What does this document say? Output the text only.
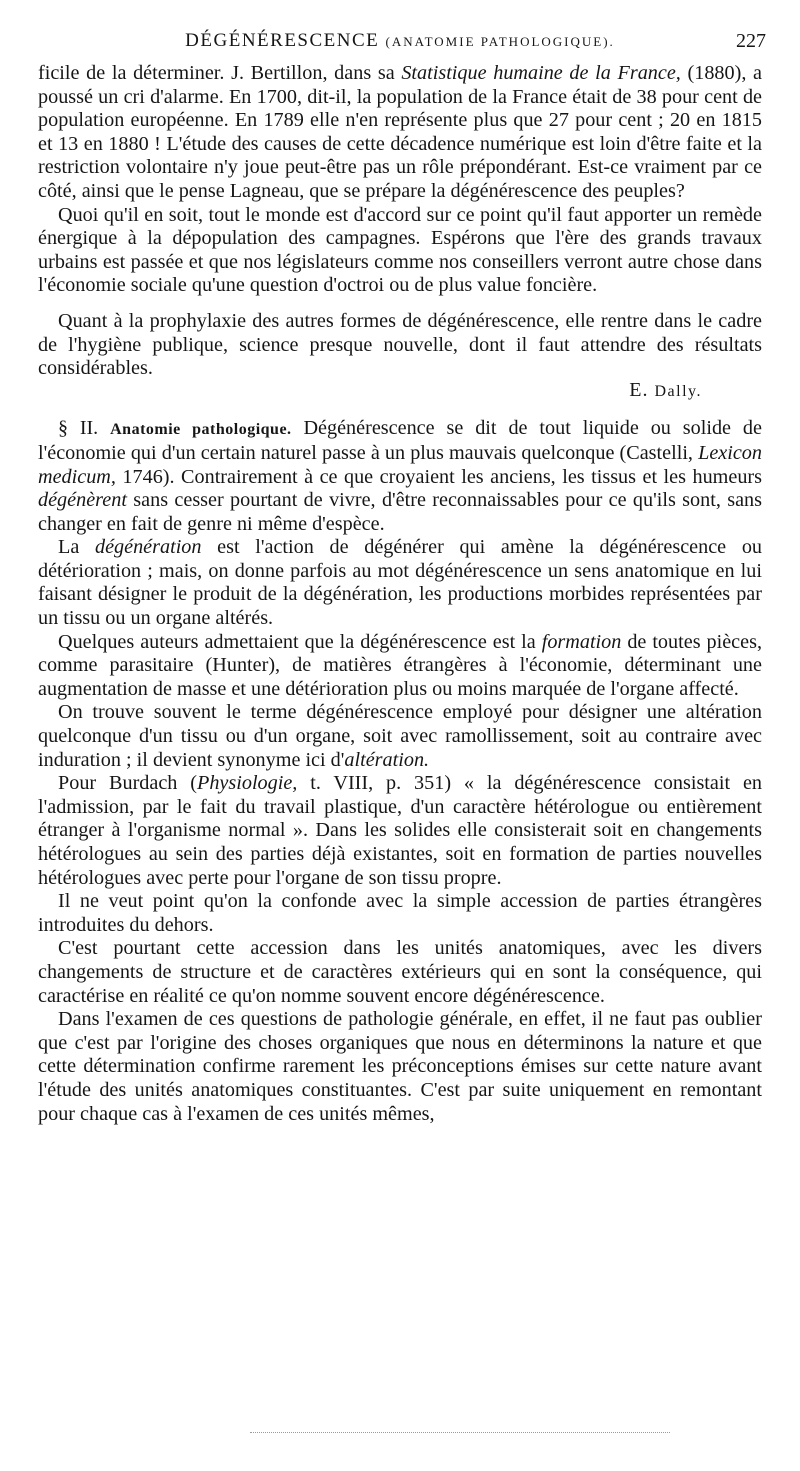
DÉGÉNÉRESCENCE (ANATOMIE PATHOLOGIQUE).	227

ficile de la déterminer. J. Bertillon, dans sa Statistique humaine de la France, (1880), a poussé un cri d'alarme. En 1700, dit-il, la population de la France était de 38 pour cent de population européenne. En 1789 elle n'en représente plus que 27 pour cent ; 20 en 1815 et 13 en 1880 ! L'étude des causes de cette décadence numérique est loin d'être faite et la restriction volontaire n'y joue peut-être pas un rôle prépondérant. Est-ce vraiment par ce côté, ainsi que le pense Lagneau, que se prépare la dégénérescence des peuples?

Quoi qu'il en soit, tout le monde est d'accord sur ce point qu'il faut apporter un remède énergique à la dépopulation des campagnes. Espérons que l'ère des grands travaux urbains est passée et que nos législateurs comme nos conseillers verront autre chose dans l'économie sociale qu'une question d'octroi ou de plus value foncière.

Quant à la prophylaxie des autres formes de dégénérescence, elle rentre dans le cadre de l'hygiène publique, science presque nouvelle, dont il faut attendre des résultats considérables.

E. Dally.

§ II. Anatomie pathologique. Dégénérescence se dit de tout liquide ou solide de l'économie qui d'un certain naturel passe à un plus mauvais quelconque (Castelli, Lexicon medicum, 1746). Contrairement à ce que croyaient les anciens, les tissus et les humeurs dégénèrent sans cesser pourtant de vivre, d'être reconnaissables pour ce qu'ils sont, sans changer en fait de genre ni même d'espèce.

La dégénération est l'action de dégénérer qui amène la dégénérescence ou détérioration ; mais, on donne parfois au mot dégénérescence un sens anatomique en lui faisant désigner le produit de la dégénération, les productions morbides représentées par un tissu ou un organe altérés.

Quelques auteurs admettaient que la dégénérescence est la formation de toutes pièces, comme parasitaire (Hunter), de matières étrangères à l'économie, déterminant une augmentation de masse et une détérioration plus ou moins marquée de l'organe affecté.

On trouve souvent le terme dégénérescence employé pour désigner une altération quelconque d'un tissu ou d'un organe, soit avec ramollissement, soit au contraire avec induration ; il devient synonyme ici d'altération.

Pour Burdach (Physiologie, t. VIII, p. 351) « la dégénérescence consistait en l'admission, par le fait du travail plastique, d'un caractère hétérologue ou entièrement étranger à l'organisme normal ». Dans les solides elle consisterait soit en changements hétérologues au sein des parties déjà existantes, soit en formation de parties nouvelles hétérologues avec perte pour l'organe de son tissu propre.

Il ne veut point qu'on la confonde avec la simple accession de parties étrangères introduites du dehors.

C'est pourtant cette accession dans les unités anatomiques, avec les divers changements de structure et de caractères extérieurs qui en sont la conséquence, qui caractérise en réalité ce qu'on nomme souvent encore dégénérescence.

Dans l'examen de ces questions de pathologie générale, en effet, il ne faut pas oublier que c'est par l'origine des choses organiques que nous en déterminons la nature et que cette détermination confirme rarement les préconceptions émises sur cette nature avant l'étude des unités anatomiques constituantes. C'est par suite uniquement en remontant pour chaque cas à l'examen de ces unités mêmes,
